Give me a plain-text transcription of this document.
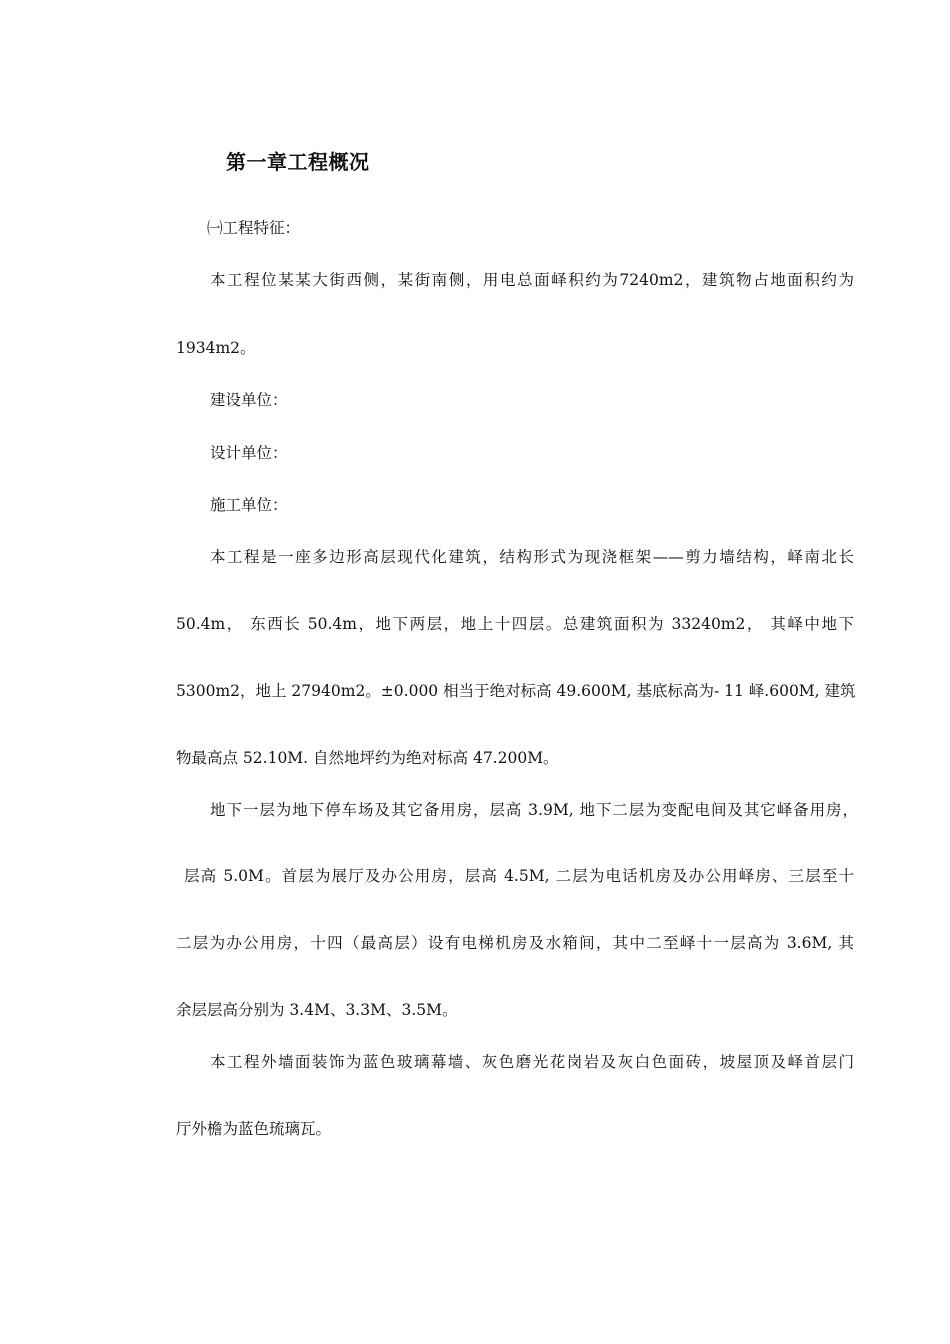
第一章工程概况
㈠工程特征：
本工程位某某大街西侧，某街南侧，用电总面峄积约为7240m2，建筑物占地面积约为
1934m2。
建设单位：
设计单位：
施工单位：
本工程是一座多边形高层现代化建筑，结构形式为现浇框架——剪力墙结构，峄南北长
50.4m， 东西长 50.4m，地下两层，地上十四层。总建筑面积为 33240m2， 其峄中地下
5300m2，地上 27940m2。±0.000 相当于绝对标高 49.600M, 基底标高为- 11 峄.600M, 建筑
物最高点 52.10M. 自然地坪约为绝对标高 47.200M。
地下一层为地下停车场及其它备用房，层高 3.9M, 地下二层为变配电间及其它峄备用房，
层高 5.0M。首层为展厅及办公用房，层高 4.5M, 二层为电话机房及办公用峄房、三层至十
二层为办公用房，十四（最高层）设有电梯机房及水箱间，其中二至峄十一层高为 3.6M, 其
余层层高分别为 3.4M、3.3M、3.5M。
本工程外墙面装饰为蓝色玻璃幕墙、灰色磨光花岗岩及灰白色面砖，坡屋顶及峄首层门
厅外檐为蓝色琉璃瓦。
